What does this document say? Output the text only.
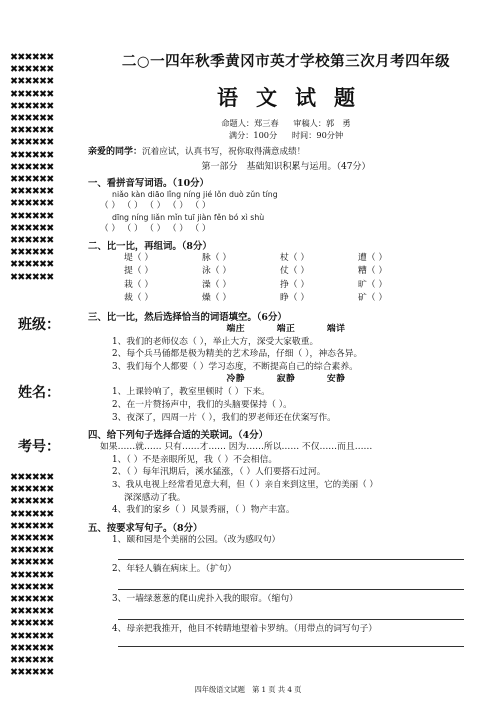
✖✖✖✖✖✖
✖✖✖✖✖✖
✖✖✖✖✖✖
✖✖✖✖✖✖
✖✖✖✖✖✖
✖✖✖✖✖✖
✖✖✖✖✖✖
✖✖✖✖✖✖
✖✖✖✖✖✖
✖✖✖✖✖✖
✖✖✖✖✖✖
✖✖✖✖✖✖
✖✖✖✖✖✖
✖✖✖✖✖✖
✖✖✖✖✖✖
✖✖✖✖✖✖
✖✖✖✖✖✖
✖✖✖✖✖✖
✖✖✖✖✖✖
班级：
姓名：
考号：
✖✖✖✖✖✖
✖✖✖✖✖✖
✖✖✖✖✖✖
✖✖✖✖✖✖
✖✖✖✖✖✖
✖✖✖✖✖✖
✖✖✖✖✖✖
✖✖✖✖✖✖
✖✖✖✖✖✖
✖✖✖✖✖✖
✖✖✖✖✖✖
✖✖✖✖✖✖
✖✖✖✖✖✖
✖✖✖✖✖✖
✖✖✖✖✖✖
✖✖✖✖✖✖
✖✖✖✖✖✖
二○一四年秋季黄冈市英才学校第三次月考四年级
语文试题
命题人：郑三春 审稿人：郭　勇
满分：100分 时间：90分钟
亲爱的同学：沉着应试，认真书写，祝你取得满意成绩！
第一部分　基础知识积累与运用。（47分）
一、看拼音写词语。（10分）
niǎo kàn diāo lǐng níng jié lǒn duò zǔn tíng
（ ） （ ） （ ） （ ） （ ）
dīng níng liǎn mǐn tuī jiàn fěn bó xì shù
（ ） （ ） （ ） （ ） （ ）
二、比一比，再组词。（8分）
堤（ ）	脉（ ）	杖（ ）	遭（ ）
提（ ）	泳（ ）	仗（ ）	糟（ ）
栽（ ）	澡（ ）	挣（ ）	旷（ ）
裁（ ）	燥（ ）	睁（ ）	矿（ ）
三、比一比，然后选择恰当的词语填空。（6分）
端庄	端正	端详
1、我们的老师仪态（ ），举止大方，深受大家敬重。
2、每个兵马俑都是极为精美的艺术珍品，仔细（ ），神态各异。
3、我们每个人都要（ ）学习态度，不断提高自己的综合素养。
冷静	寂静	安静
1、上课铃响了，教室里顿时（ ）下来。
2、在一片赞扬声中，我们的头脑要保持（ ）。
3、夜深了，四周一片（ ），我们的罗老师还在伏案写作。
四、给下列句子选择合适的关联词。（4分）
如果……就…… 只有……才…… 因为……所以…… 不仅……而且……
1、（ ）不是亲眼所见，我（ ）不会相信。
2、（ ）每年汛期后，溪水猛涨，（ ）人们要搭石过河。
3、我从电视上经常看见意大利，但（ ）亲自来到这里，它的美丽（ ）
深深感动了我。
4、我们的家乡（ ）风景秀丽，（ ）物产丰富。
五、按要求写句子。（8分）
1、颐和园是个美丽的公园。（改为感叹句）
2、年轻人躺在病床上。（扩句）
3、一墙绿葱葱的爬山虎扑入我的眼帘。（缩句）
4、母亲把我推开，他目不转睛地望着卡罗纳。（用带点的词写句子）
四年级语文试题　第 1 页 共 4 页
